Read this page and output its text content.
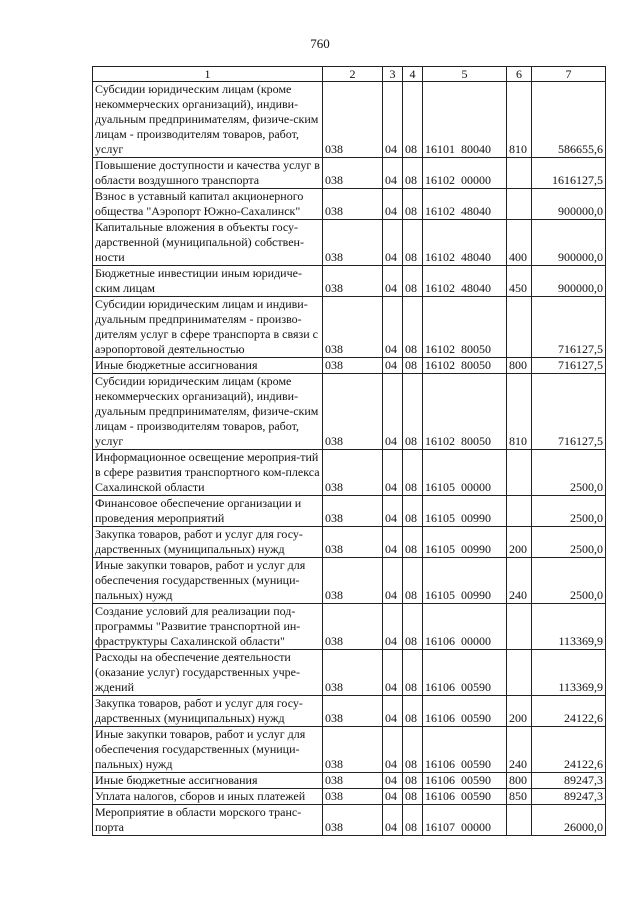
760
1	2	3	4	5	6	7
Субсидии юридическим лицам (кроме некоммерческих организаций), индиви-дуальным предпринимателям, физиче-ским лицам - производителям товаров, работ, услуг	038	04	08	16101  80040	810	586655,6
Повышение доступности и качества услуг в области воздушного транспорта	038	04	08	16102  00000		1616127,5
Взнос в уставный капитал акционерного общества "Аэропорт Южно-Сахалинск"	038	04	08	16102  48040		900000,0
Капитальные вложения в объекты госу-дарственной (муниципальной) собствен-ности	038	04	08	16102  48040	400	900000,0
Бюджетные инвестиции иным юридиче-ским лицам	038	04	08	16102  48040	450	900000,0
Субсидии юридическим лицам и индиви-дуальным предпринимателям - произво-дителям услуг в сфере транспорта в связи с аэропортовой деятельностью	038	04	08	16102  80050		716127,5
Иные бюджетные ассигнования	038	04	08	16102  80050	800	716127,5
Субсидии юридическим лицам (кроме некоммерческих организаций), индиви-дуальным предпринимателям, физиче-ским лицам - производителям товаров, работ, услуг	038	04	08	16102  80050	810	716127,5
Информационное освещение мероприя-тий в сфере развития транспортного ком-плекса Сахалинской области	038	04	08	16105  00000		2500,0
Финансовое обеспечение организации и проведения мероприятий	038	04	08	16105  00990		2500,0
Закупка товаров, работ и услуг для госу-дарственных (муниципальных) нужд	038	04	08	16105  00990	200	2500,0
Иные закупки товаров, работ и услуг для обеспечения государственных (муници-пальных) нужд	038	04	08	16105  00990	240	2500,0
Создание условий для реализации под-программы "Развитие транспортной ин-фраструктуры Сахалинской области"	038	04	08	16106  00000		113369,9
Расходы на обеспечение деятельности (оказание услуг) государственных учре-ждений	038	04	08	16106  00590		113369,9
Закупка товаров, работ и услуг для госу-дарственных (муниципальных) нужд	038	04	08	16106  00590	200	24122,6
Иные закупки товаров, работ и услуг для обеспечения государственных (муници-пальных) нужд	038	04	08	16106  00590	240	24122,6
Иные бюджетные ассигнования	038	04	08	16106  00590	800	89247,3
Уплата налогов, сборов и иных платежей	038	04	08	16106  00590	850	89247,3
Мероприятие в области морского транс-порта	038	04	08	16107  00000		26000,0
